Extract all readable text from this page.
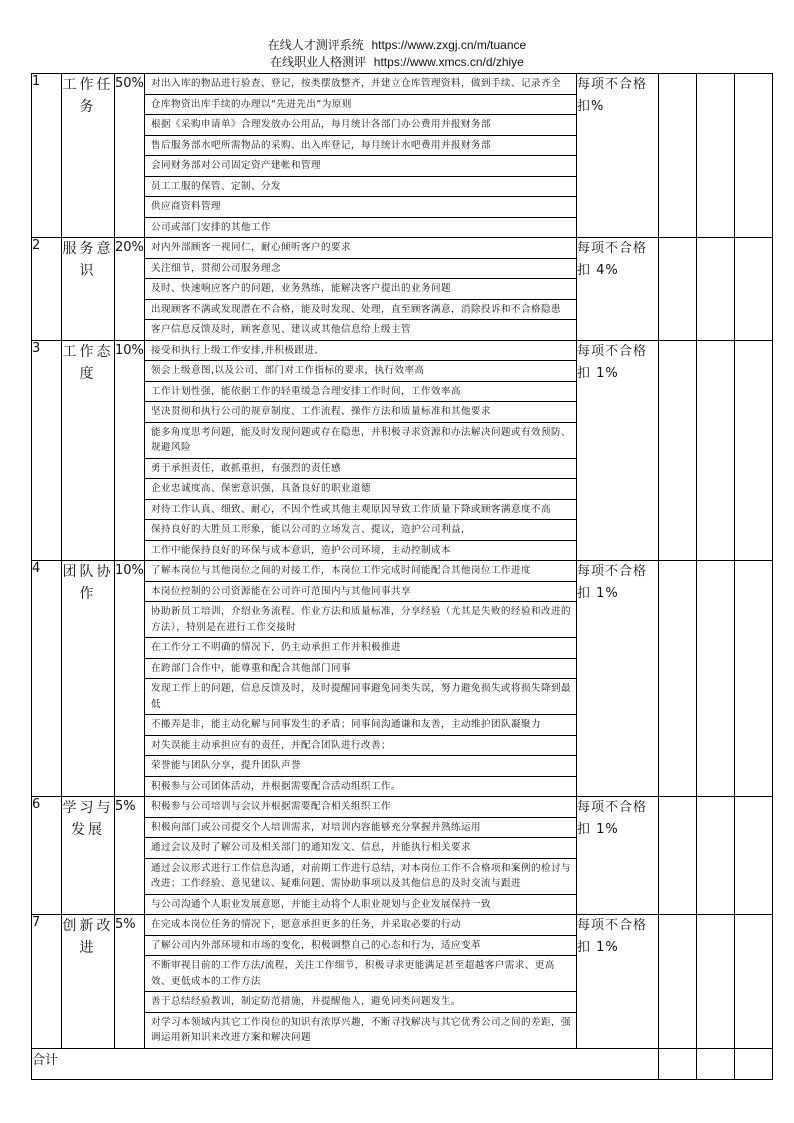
在线人才测评系统 https://www.zxgj.cn/m/tuance
在线职业人格测评 https://www.xmcs.cn/d/zhiye
1	工作任务	50%	对出入库的物品进行验查、登记，按类摆放整齐，并建立仓库管理资料，做到手续、记录齐全
仓库物资出库手续的办理以“先进先出”为原则
根据《采购申请单》合理发放办公用品，每月统计各部门办公费用并报财务部
售后服务部水吧所需物品的采购、出入库登记，每月统计水吧费用并报财务部
会同财务部对公司固定资产建帐和管理
员工工服的保管、定制、分发
供应商资料管理
公司或部门安排的其他工作
	每项不合格扣%			
2	服务意识	20%	对内外部顾客一视同仁，耐心倾听客户的要求
关注细节，贯彻公司服务理念
及时、快速响应客户的问题，业务熟练，能解决客户提出的业务问题
出现顾客不满或发现潜在不合格，能及时发现、处理，直至顾客满意，消除投诉和不合格隐患
客户信息反馈及时，顾客意见、建议或其他信息给上级主管
	每项不合格扣 4%			
3	工作态度	10%	接受和执行上级工作安排,并积极跟进,
领会上级意图,以及公司、部门对工作指标的要求，执行效率高
工作计划性强，能依据工作的轻重缓急合理安排工作时间，工作效率高
坚决贯彻和执行公司的规章制度、工作流程、操作方法和质量标准和其他要求
能多角度思考问题，能及时发现问题或存在隐患，并积极寻求资源和办法解决问题或有效预防、规避风险
勇于承担责任，敢抓重担，有强烈的责任感
企业忠诚度高、保密意识强，具备良好的职业道德
对待工作认真、细致、耐心，不因个性或其他主观原因导致工作质量下降或顾客满意度不高
保持良好的大胜员工形象，能以公司的立场发言、提议，造护公司利益，
工作中能保持良好的环保与成本意识，造护公司环境，主动控制成本
	每项不合格扣 1%			
4	团队协作	10%	了解本岗位与其他岗位之间的对接工作，本岗位工作完成时间能配合其他岗位工作进度
本岗位控制的公司资源能在公司许可范围内与其他同事共享
协助新员工培训，介绍业务流程、作业方法和质量标准，分享经验（尤其是失败的经验和改进的方法），特别是在进行工作交接时
在工作分工不明确的情况下，仍主动承担工作并积极推进
在跨部门合作中，能尊重和配合其他部门同事
发现工作上的问题，信息反馈及时，及时提醒同事避免同类失误，努力避免损失或将损失降到最低
不搬弄是非，能主动化解与同事发生的矛盾；同事间沟通谦和友善，主动维护团队凝聚力
对失误能主动承担应有的责任，并配合团队进行改善；
荣誉能与团队分享，提升团队声誉
积极参与公司团体活动，并根据需要配合活动组织工作。
	每项不合格扣 1%			
6	学习与发展	5%	积极参与公司培训与会议并根据需要配合相关组织工作
积极向部门或公司提交个人培训需求，对培训内容能够充分掌握并熟练运用
通过会议及时了解公司及相关部门的通知发文、信息，并能执行相关要求
通过会议形式进行工作信息沟通，对前期工作进行总结，对本岗位工作不合格项和案例的检讨与改进；工作经验、意见建议、疑难问题、需协助事项以及其他信息的及时交流与跟进
与公司沟通个人职业发展意愿，并能主动将个人职业规划与企业发展保持一致
	每项不合格扣 1%			
7	创新改进	5%	在完成本岗位任务的情况下，愿意承担更多的任务，并采取必要的行动
了解公司内外部环境和市场的变化，积极调整自己的心态和行为，适应变革
不断审视目前的工作方法/流程，关注工作细节，积极寻求更能满足甚至超越客户需求、更高效、更低成本的工作方法
善于总结经验教训，制定防范措施，并提醒他人，避免同类问题发生。
对学习本领域内其它工作岗位的知识有浓厚兴趣，不断寻找解决与其它优秀公司之间的差距，强调运用新知识来改进方案和解决问题
	每项不合格扣 1%			
合计			
